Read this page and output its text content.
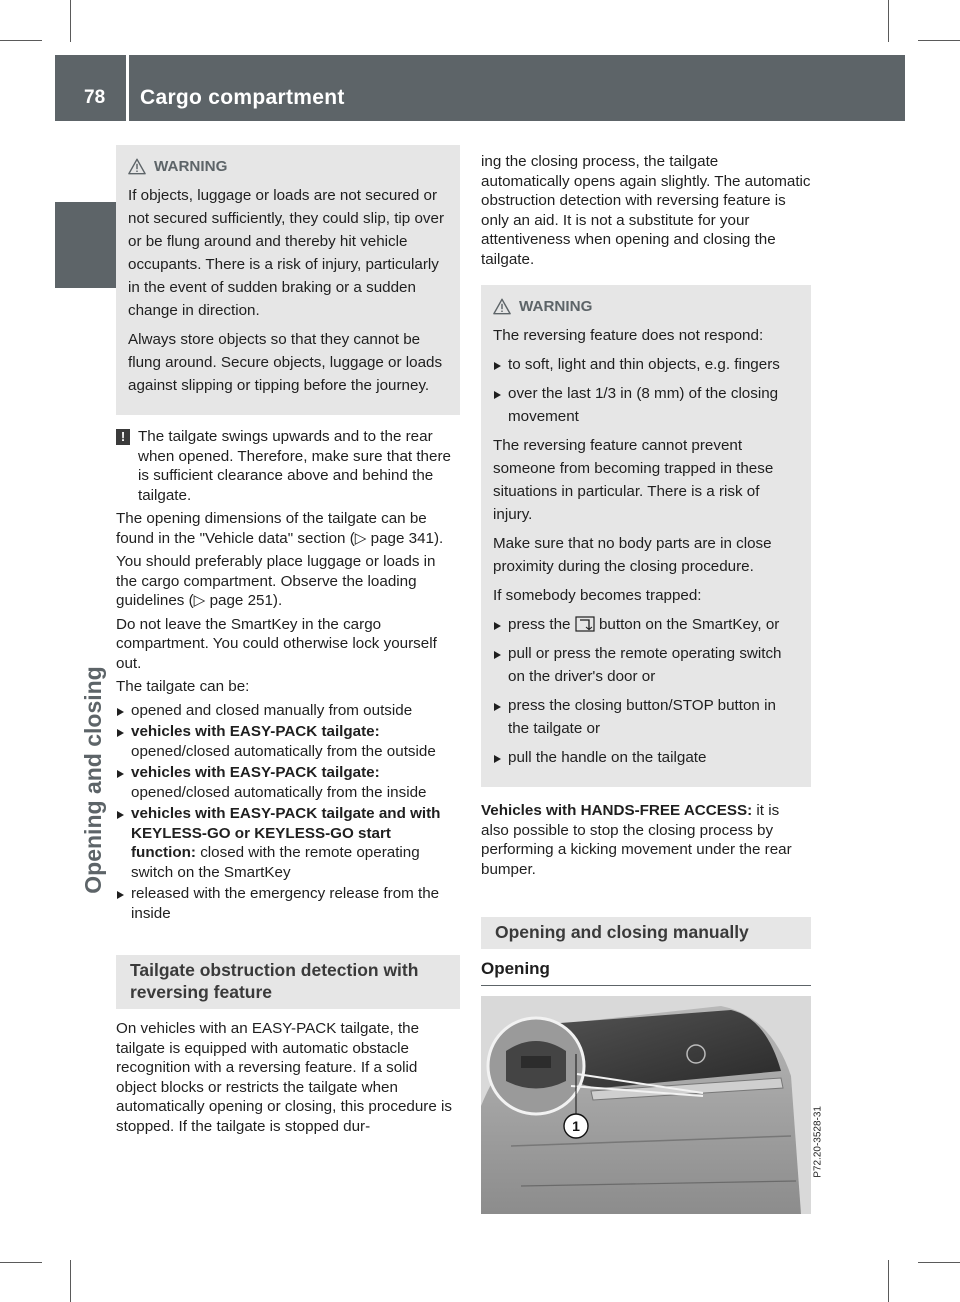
78 Cargo compartment
Opening and closing
WARNING

If objects, luggage or loads are not secured or not secured sufficiently, they could slip, tip over or be flung around and thereby hit vehicle occupants. There is a risk of injury, particularly in the event of sudden braking or a sudden change in direction.

Always store objects so that they cannot be flung around. Secure objects, luggage or loads against slipping or tipping before the journey.

! The tailgate swings upwards and to the rear when opened. Therefore, make sure that there is sufficient clearance above and behind the tailgate.

The opening dimensions of the tailgate can be found in the "Vehicle data" section (▷ page 341).

You should preferably place luggage or loads in the cargo compartment. Observe the loading guidelines (▷ page 251).

Do not leave the SmartKey in the cargo compartment. You could otherwise lock yourself out.

The tailgate can be:

opened and closed manually from outside
vehicles with EASY-PACK tailgate:
opened/closed automatically from the outside
vehicles with EASY-PACK tailgate:
opened/closed automatically from the inside
vehicles with EASY-PACK tailgate and with KEYLESS-GO or KEYLESS-GO start function: closed with the remote operating switch on the SmartKey
released with the emergency release from the inside
Tailgate obstruction detection with reversing feature

On vehicles with an EASY-PACK tailgate, the tailgate is equipped with automatic obstacle recognition with a reversing feature. If a solid object blocks or restricts the tailgate when automatically opening or closing, this procedure is stopped. If the tailgate is stopped dur-

ing the closing process, the tailgate automatically opens again slightly. The automatic obstruction detection with reversing feature is only an aid. It is not a substitute for your attentiveness when opening and closing the tailgate.

WARNING

The reversing feature does not respond:

to soft, light and thin objects, e.g. fingers
over the last 1/3 in (8 mm) of the closing movement

The reversing feature cannot prevent someone from becoming trapped in these situations in particular. There is a risk of injury.

Make sure that no body parts are in close proximity during the closing procedure.

If somebody becomes trapped:

press the button on the SmartKey, or
pull or press the remote operating switch on the driver's door or
press the closing button/STOP button in the tailgate or
pull the handle on the tailgate

Vehicles with HANDS-FREE ACCESS: it is also possible to stop the closing process by performing a kicking movement under the rear bumper.

Opening and closing manually
Opening
1	P72.20-3528-31
